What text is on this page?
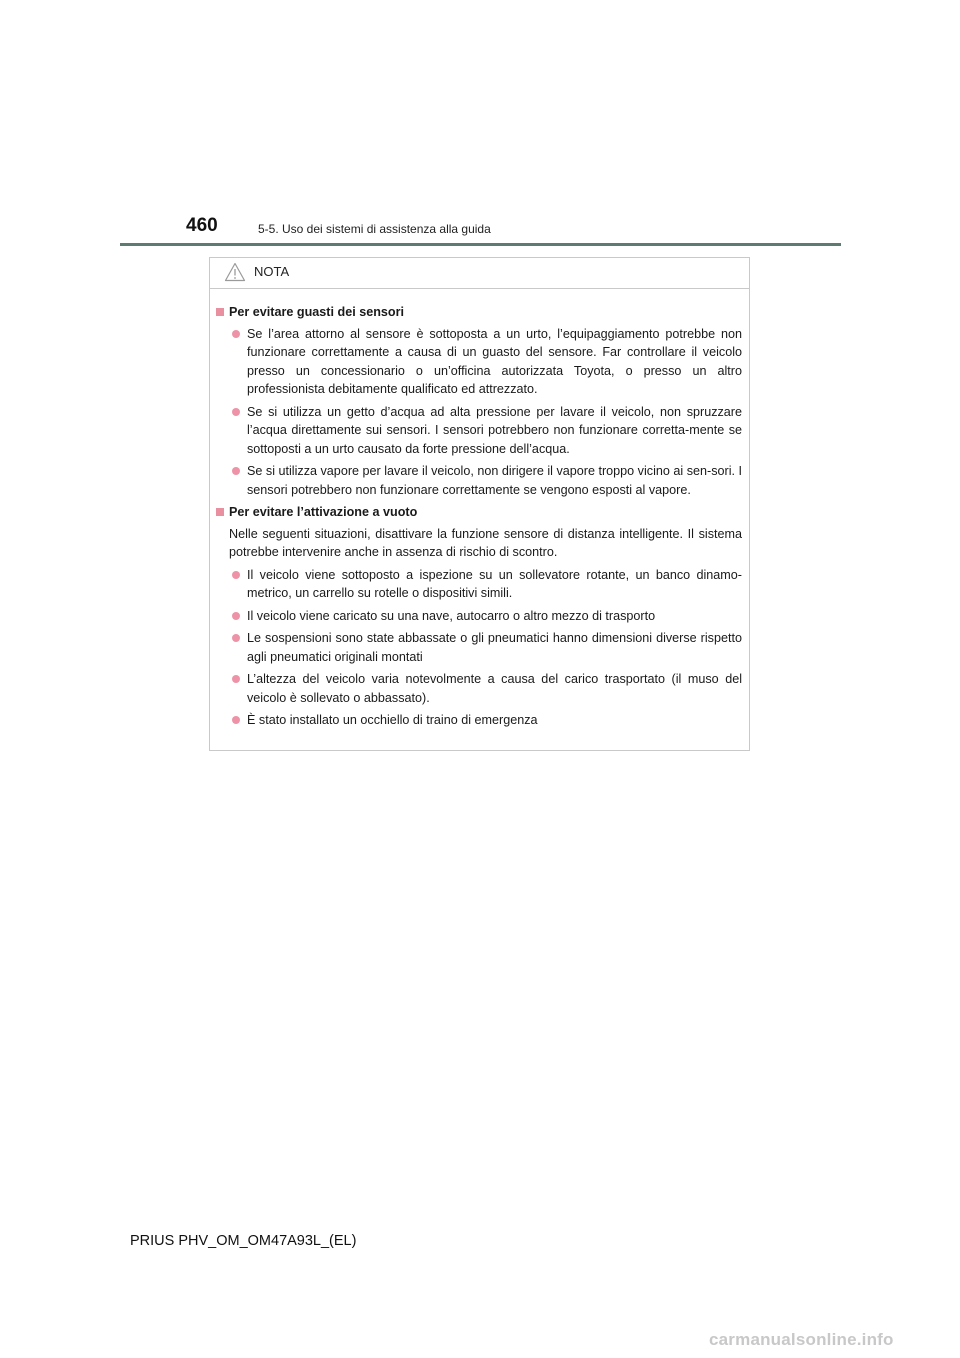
460	5-5. Uso dei sistemi di assistenza alla guida
NOTA
Per evitare guasti dei sensori
Se l’area attorno al sensore è sottoposta a un urto, l’equipaggiamento potrebbe non funzionare correttamente a causa di un guasto del sensore. Far controllare il veicolo presso un concessionario o un’officina autorizzata Toyota, o presso un altro professionista debitamente qualificato ed attrezzato.
Se si utilizza un getto d’acqua ad alta pressione per lavare il veicolo, non spruzzare l’acqua direttamente sui sensori. I sensori potrebbero non funzionare corretta-mente se sottoposti a un urto causato da forte pressione dell’acqua.
Se si utilizza vapore per lavare il veicolo, non dirigere il vapore troppo vicino ai sen-sori. I sensori potrebbero non funzionare correttamente se vengono esposti al vapore.
Per evitare l’attivazione a vuoto
Nelle seguenti situazioni, disattivare la funzione sensore di distanza intelligente. Il sistema potrebbe intervenire anche in assenza di rischio di scontro.
Il veicolo viene sottoposto a ispezione su un sollevatore rotante, un banco dinamo-metrico, un carrello su rotelle o dispositivi simili.
Il veicolo viene caricato su una nave, autocarro o altro mezzo di trasporto
Le sospensioni sono state abbassate o gli pneumatici hanno dimensioni diverse rispetto agli pneumatici originali montati
L’altezza del veicolo varia notevolmente a causa del carico trasportato (il muso del veicolo è sollevato o abbassato).
È stato installato un occhiello di traino di emergenza
PRIUS PHV_OM_OM47A93L_(EL)
carmanualsonline.info
